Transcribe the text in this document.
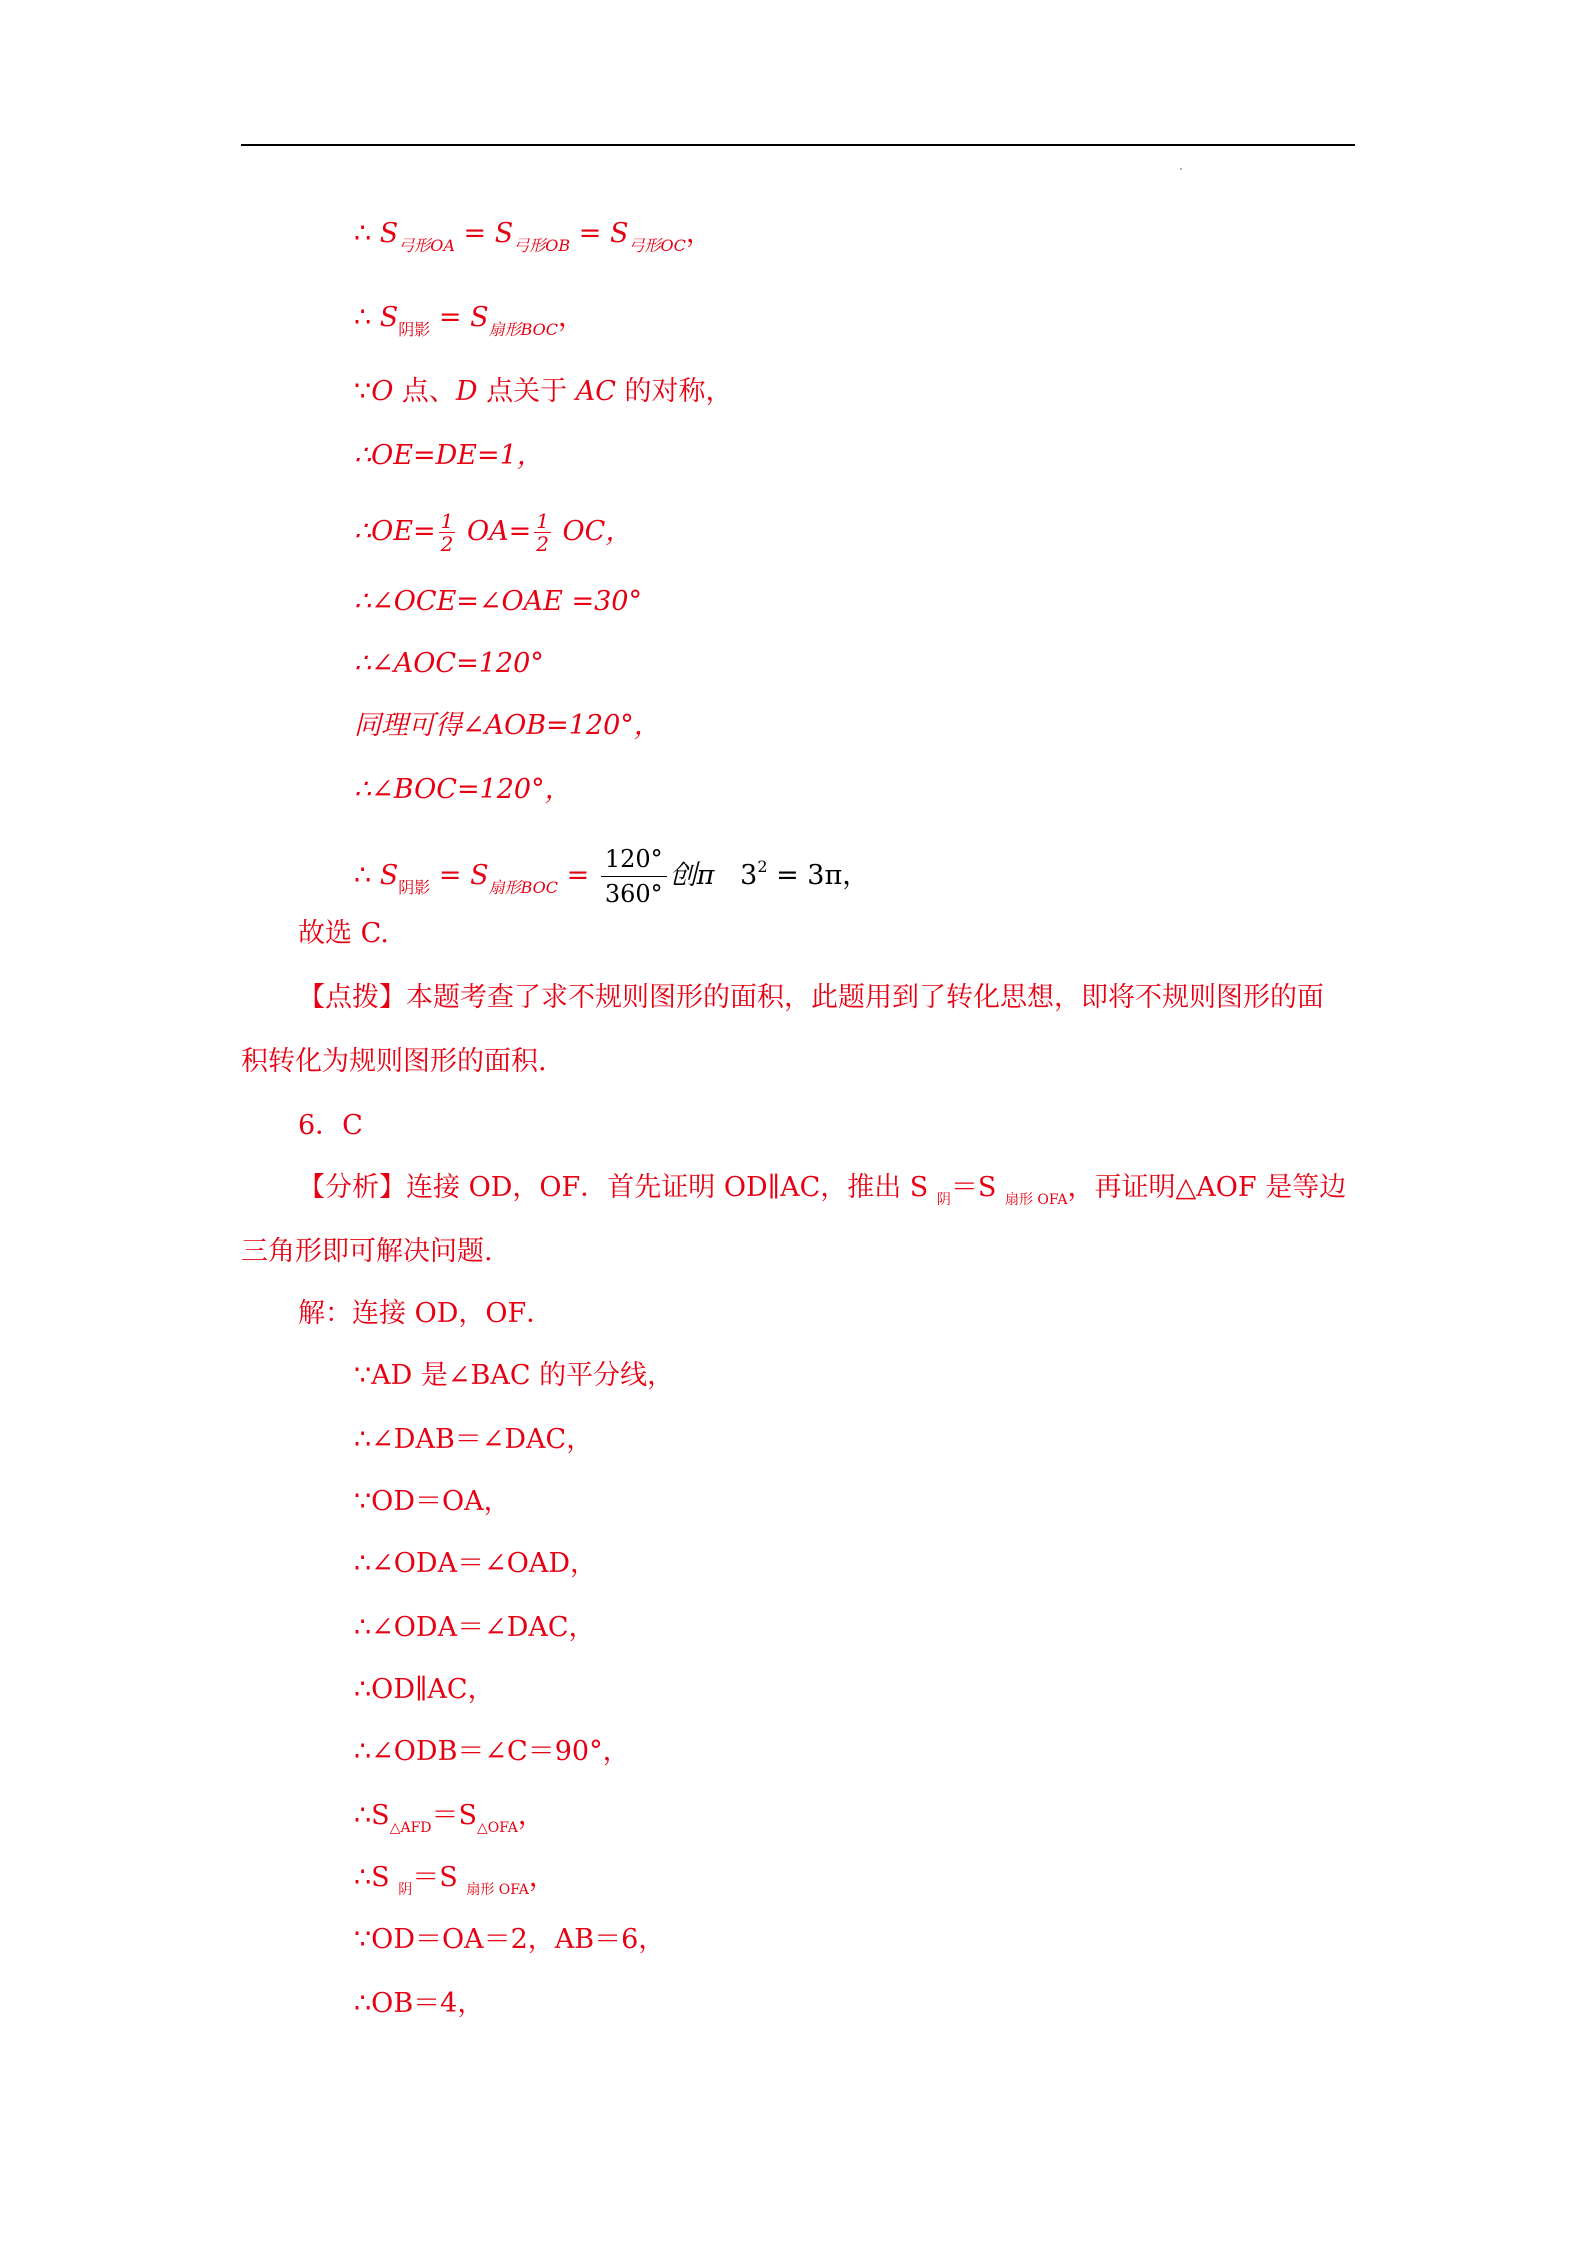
∴ $S_{弓形OA} = S_{弓形OB} = S_{弓形OC}$，
∴ $S_{阴影} = S_{扇形BOC}$，
∵O 点、D 点关于 AC 的对称，
∴OE=DE=1，
∴OE= $\frac{1}{2} OA= \frac{1}{2}$ OC，
∴∠OCE=∠OAE =30°
∴∠AOC=120°
同理可得∠AOB=120°，
∴∠BOC=120°，
∴ $S_{阴影} = S_{扇形BOC} = \frac{120^\circ}{360^\circ}$ 创π $3^2 = 3\pi$，
故选 C.
【点拨】本题考查了求不规则图形的面积，此题用到了转化思想，即将不规则图形的面
积转化为规则图形的面积.
6．C
【分析】连接 OD，OF．首先证明 OD∥AC，推出 S $_阴$＝S $_{扇形 OFA}$，再证明△AOF 是等边
三角形即可解决问题.
解：连接 OD，OF．
∵AD 是∠BAC 的平分线，
∴∠DAB＝∠DAC，
∵OD＝OA，
∴∠ODA＝∠OAD，
∴∠ODA＝∠DAC，
∴OD∥AC，
∴∠ODB＝∠C＝90°，
$\therefore S_{\triangle AFD}=S_{\triangle OFA}$，
∴S $_阴$＝S $_{扇形 OFA}$，
∵OD＝OA＝2，AB＝6，
∴OB＝4，
